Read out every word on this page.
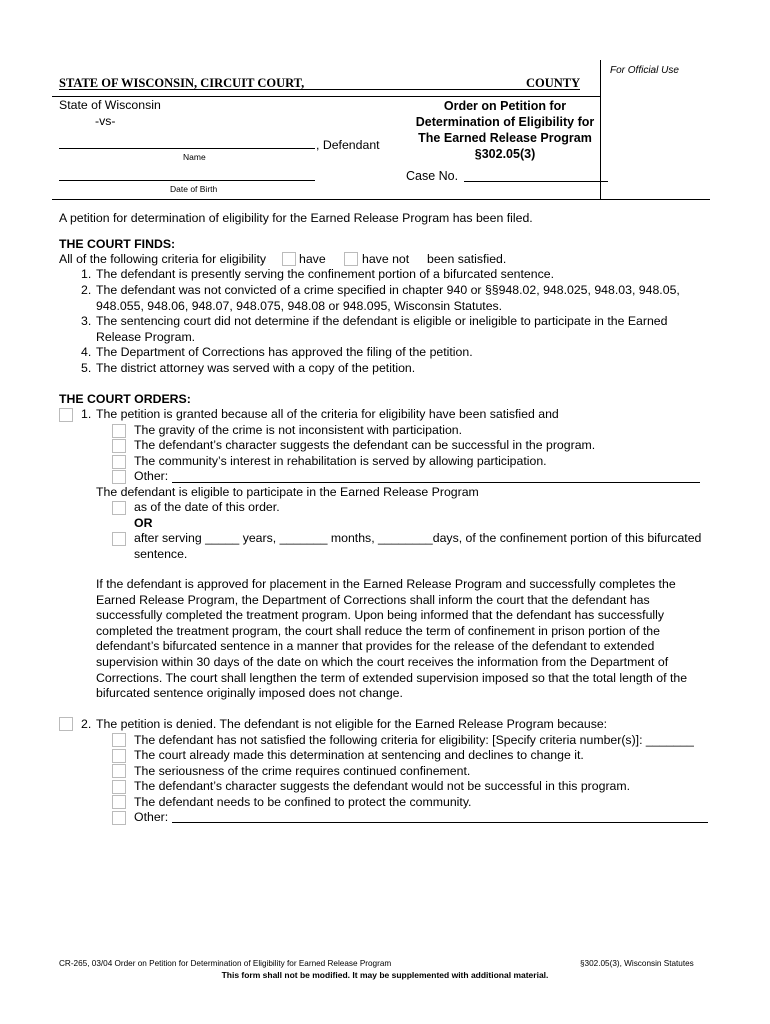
For Official Use
STATE OF WISCONSIN, CIRCUIT COURT,	COUNTY
State of Wisconsin
-vs-
, Defendant
Name
Date of Birth
Order on Petition for
Determination of Eligibility for
The Earned Release Program
§302.05(3)
Case No.
A petition for determination of eligibility for the Earned Release Program has been filed.
THE COURT FINDS:
All of the following criteria for eligibility	have	have not been satisfied.
1. The defendant is presently serving the confinement portion of a bifurcated sentence.
2. The defendant was not convicted of a crime specified in chapter 940 or §§948.02, 948.025, 948.03, 948.05,
948.055, 948.06, 948.07, 948.075, 948.08 or 948.095, Wisconsin Statutes.
3. The sentencing court did not determine if the defendant is eligible or ineligible to participate in the Earned
Release Program.
4. The Department of Corrections has approved the filing of the petition.
5. The district attorney was served with a copy of the petition.
THE COURT ORDERS:
1. The petition is granted because all of the criteria for eligibility have been satisfied and
The gravity of the crime is not inconsistent with participation.
The defendant’s character suggests the defendant can be successful in the program.
The community’s interest in rehabilitation is served by allowing participation.
Other:
The defendant is eligible to participate in the Earned Release Program
as of the date of this order.
OR
after serving _____ years, _______ months, ________days, of the confinement portion of this bifurcated
sentence.
If the defendant is approved for placement in the Earned Release Program and successfully completes the Earned Release Program, the Department of Corrections shall inform the court that the defendant has successfully completed the treatment program. Upon being informed that the defendant has successfully completed the treatment program, the court shall reduce the term of confinement in prison portion of the defendant’s bifurcated sentence in a manner that provides for the release of the defendant to extended supervision within 30 days of the date on which the court receives the information from the Department of Corrections. The court shall lengthen the term of extended supervision imposed so that the total length of the bifurcated sentence originally imposed does not change.
2. The petition is denied. The defendant is not eligible for the Earned Release Program because:
The defendant has not satisfied the following criteria for eligibility: [Specify criteria number(s)]: _______
The court already made this determination at sentencing and declines to change it.
The seriousness of the crime requires continued confinement.
The defendant’s character suggests the defendant would not be successful in this program.
The defendant needs to be confined to protect the community.
Other:
CR-265, 03/04 Order on Petition for Determination of Eligibility for Earned Release Program	§302.05(3), Wisconsin Statutes
This form shall not be modified. It may be supplemented with additional material.
